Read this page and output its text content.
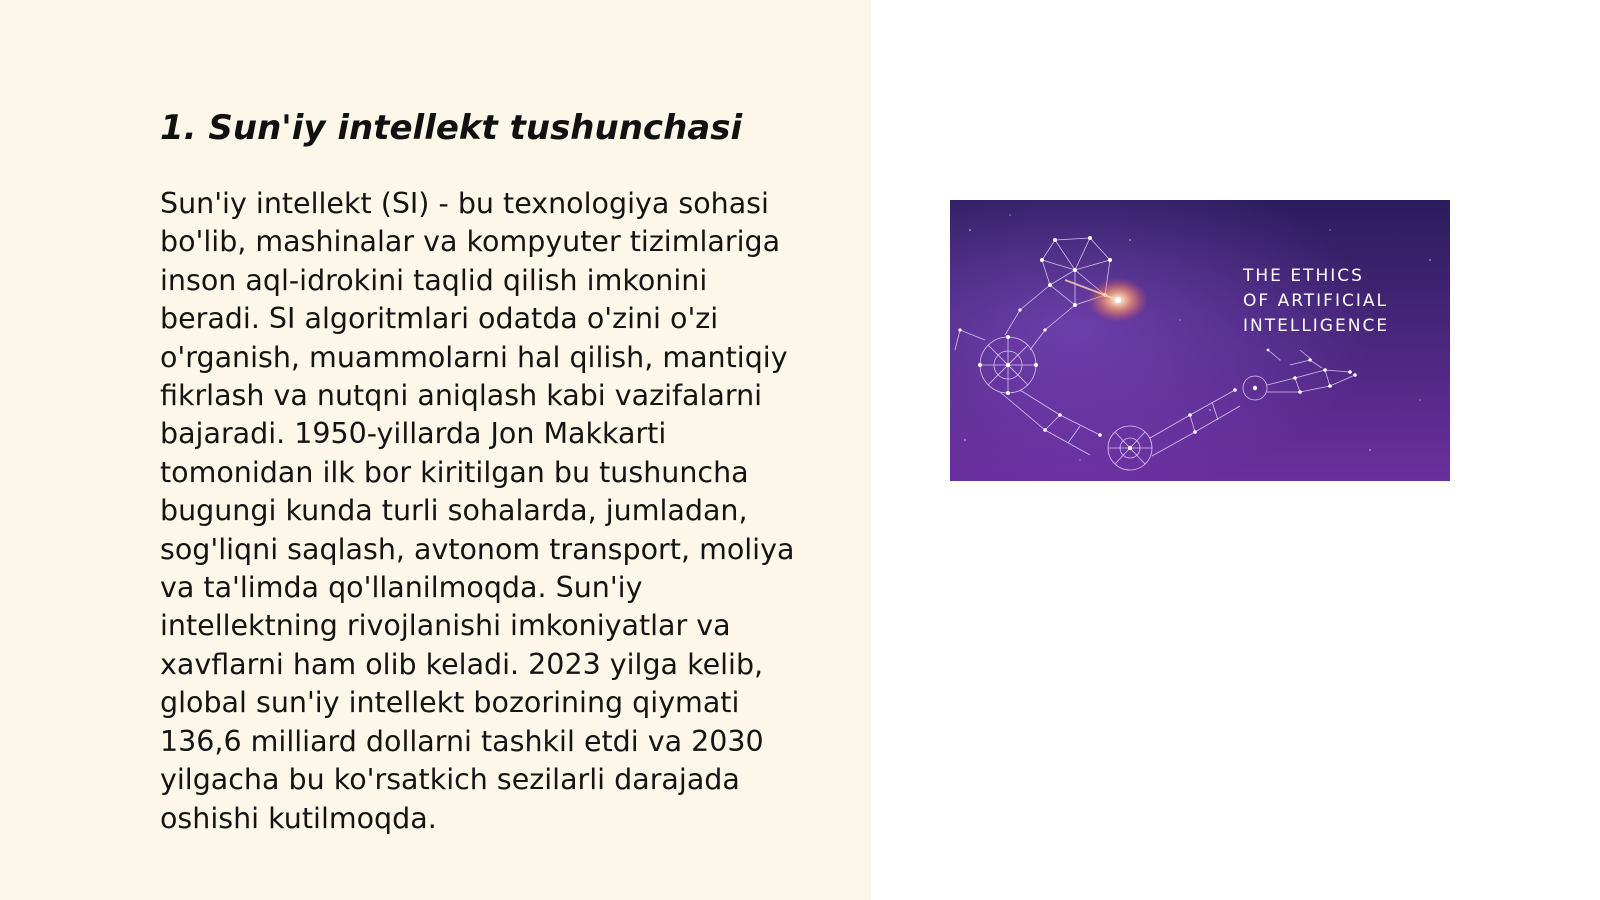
1. Sun'iy intellekt tushunchasi

Sun'iy intellekt (SI) - bu texnologiya sohasi
bo'lib, mashinalar va kompyuter tizimlariga
inson aql-idrokini taqlid qilish imkonini
beradi. SI algoritmlari odatda o'zini o'zi
o'rganish, muammolarni hal qilish, mantiqiy
fikrlash va nutqni aniqlash kabi vazifalarni
bajaradi. 1950-yillarda Jon Makkarti
tomonidan ilk bor kiritilgan bu tushuncha
bugungi kunda turli sohalarda, jumladan,
sog'liqni saqlash, avtonom transport, moliya
va ta'limda qo'llanilmoqda. Sun'iy
intellektning rivojlanishi imkoniyatlar va
xavflarni ham olib keladi. 2023 yilga kelib,
global sun'iy intellekt bozorining qiymati
136,6 milliard dollarni tashkil etdi va 2030
yilgacha bu ko'rsatkich sezilarli darajada
oshishi kutilmoqda.

THE ETHICS
OF ARTIFICIAL
INTELLIGENCE
